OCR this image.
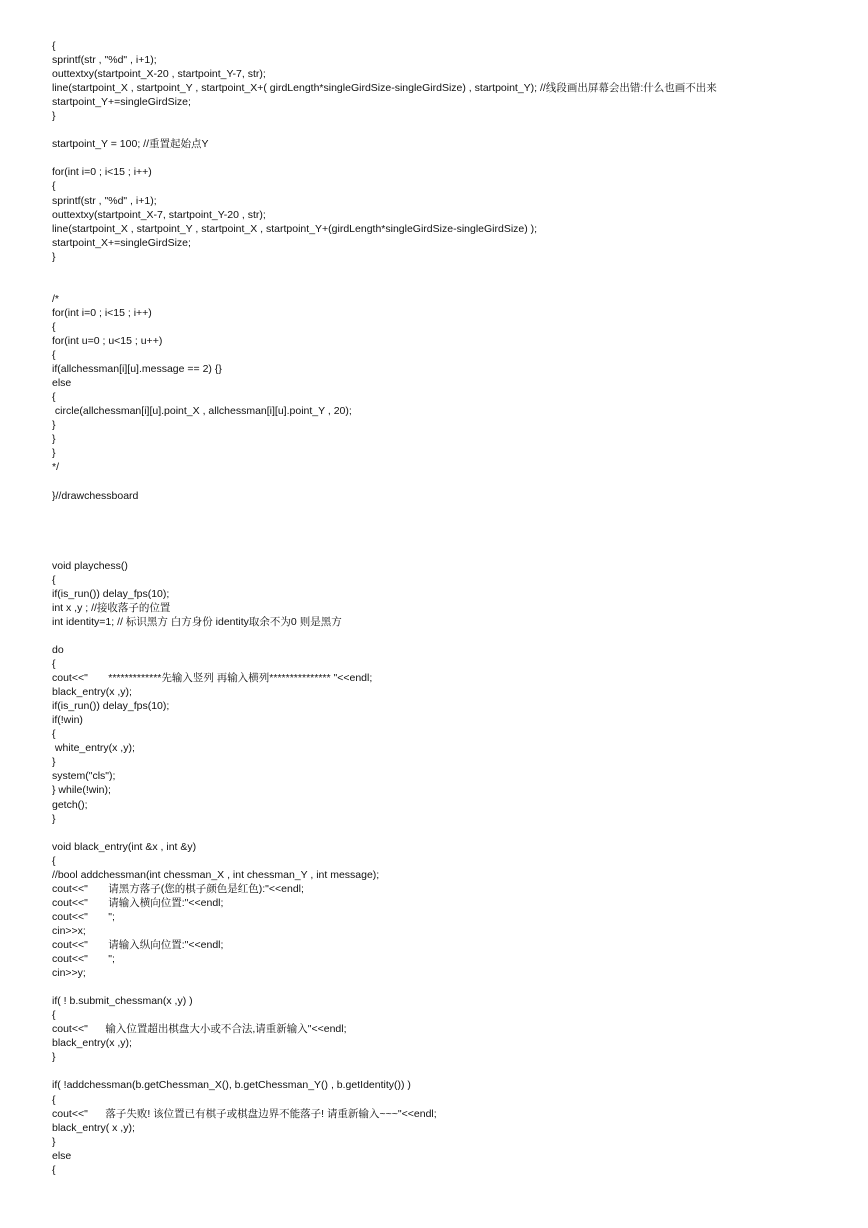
{
sprintf(str , "%d" , i+1);
outtextxy(startpoint_X-20 , startpoint_Y-7, str);
line(startpoint_X , startpoint_Y , startpoint_X+( girdLength*singleGirdSize-singleGirdSize) , startpoint_Y); //线段画出屏幕会出错:什么也画不出来
startpoint_Y+=singleGirdSize;
}
startpoint_Y = 100; //重置起始点Y
for(int i=0 ; i<15 ; i++)
{
sprintf(str , "%d" , i+1);
outtextxy(startpoint_X-7, startpoint_Y-20 , str);
line(startpoint_X , startpoint_Y , startpoint_X , startpoint_Y+(girdLength*singleGirdSize-singleGirdSize) );
startpoint_X+=singleGirdSize;
}
/*
for(int i=0 ; i<15 ; i++)
{
for(int u=0 ; u<15 ; u++)
{
if(allchessman[i][u].message == 2) {}
else
{
circle(allchessman[i][u].point_X , allchessman[i][u].point_Y , 20);
}
}
}
*/
}//drawchessboard
void playchess()
{
if(is_run()) delay_fps(10);
int x ,y ; //接收落子的位置
int identity=1; // 标识黑方 白方身份 identity取余不为0 则是黑方
do
{
cout<<"       *************先输入竖列 再输入横列*************** "<<endl;
black_entry(x ,y);
if(is_run()) delay_fps(10);
if(!win)
{
white_entry(x ,y);
}
system("cls");
} while(!win);
getch();
}
void black_entry(int &x , int &y)
{
//bool addchessman(int chessman_X , int chessman_Y , int message);
cout<<"       请黑方落子(您的棋子颜色是红色):"<<endl;
cout<<"       请输入横向位置:"<<endl;
cout<<"       ";
cin>>x;
cout<<"       请输入纵向位置:"<<endl;
cout<<"       ";
cin>>y;
if( ! b.submit_chessman(x ,y) )
{
cout<<"      输入位置超出棋盘大小或不合法,请重新输入"<<endl;
black_entry(x ,y);
}
if( !addchessman(b.getChessman_X(), b.getChessman_Y() , b.getIdentity()) )
{
cout<<"      落子失败! 该位置已有棋子或棋盘边界不能落子! 请重新输入~~~"<<endl;
black_entry( x ,y);
}
else
{
